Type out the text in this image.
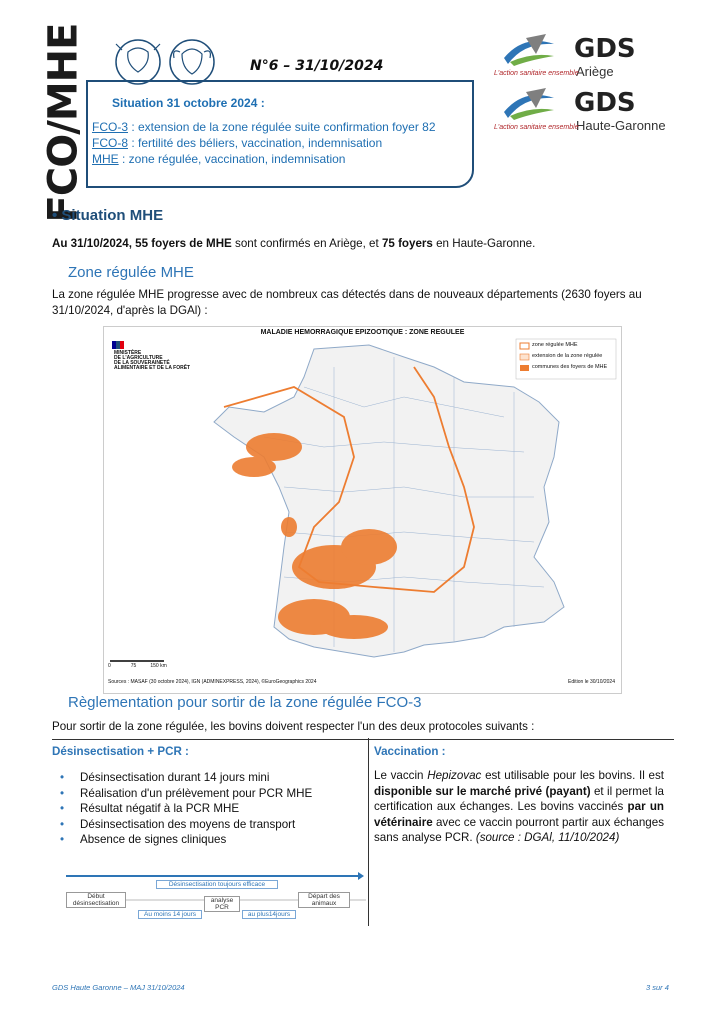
FCO/MHE	N°6 – 31/10/2024
Situation 31 octobre 2024 :
FCO-3 : extension de la zone régulée suite confirmation foyer 82
FCO-8 : fertilité des béliers, vaccination, indemnisation
MHE : zone régulée, vaccination, indemnisation
GDS
Ariège
L'action sanitaire ensemble
GDS
Haute-Garonne
L'action sanitaire ensemble
• Situation MHE
Au 31/10/2024, 55 foyers de MHE sont confirmés en Ariège, et 75 foyers en Haute-Garonne.
Zone régulée MHE
La zone régulée MHE progresse avec de nombreux cas détectés dans de nouveaux départements (2630 foyers au 31/10/2024, d'après la DGAl) :
MALADIE HEMORRAGIQUE EPIZOOTIQUE : ZONE REGULEE
MINISTÈRE
DE L'AGRICULTURE
DE LA SOUVERAINETÉ
ALIMENTAIRE ET DE LA FORÊT
zone régulée MHE
extension de la zone régulée
communes des foyers de MHE
0	75	150 km
Sources : MASAF (30 octobre 2024), IGN (ADMINEXPRESS, 2024), ©EuroGeographics 2024	Edition le 30/10/2024
Règlementation pour sortir de la zone régulée FCO-3
Pour sortir de la zone régulée, les bovins doivent respecter l'un des deux protocoles suivants :
Désinsectisation + PCR :
• Désinsectisation durant 14 jours mini
• Réalisation d'un prélèvement pour PCR MHE
• Résultat négatif à la PCR MHE
• Désinsectisation des moyens de transport
• Absence de signes cliniques
Vaccination :
Le vaccin Hepizovac est utilisable pour les bovins. Il est disponible sur le marché privé (payant) et il permet la certification aux échanges. Les bovins vaccinés par un vétérinaire avec ce vaccin pourront partir aux échanges sans analyse PCR. (source : DGAl, 11/10/2024)
Désinsectisation toujours efficace
Début désinsectisation
Au moins 14 jours
analyse PCR
au plus14jours
Départ des animaux
GDS Haute Garonne – MAJ 31/10/2024	3 sur 4
